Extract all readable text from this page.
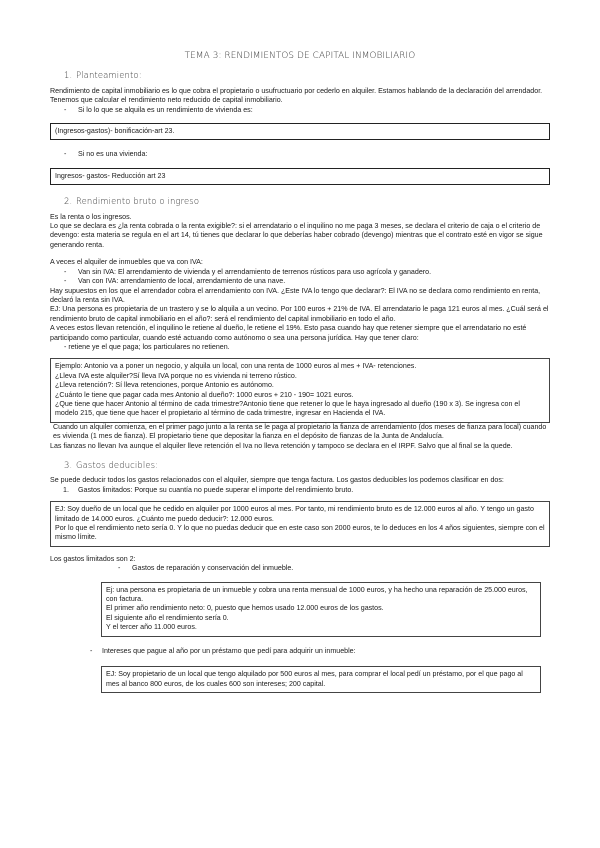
TEMA 3: RENDIMIENTOS DE CAPITAL INMOBILIARIO

1. Planteamiento:

Rendimiento de capital inmobiliario es lo que cobra el propietario o usufructuario por cederlo en alquiler. Estamos hablando de la declaración del arrendador. Tenemos que calcular el rendimiento neto reducido de capital inmobiliario.

- Si lo lo que se alquila es un rendimiento de vivienda es:

(Ingresos-gastos)- bonificación-art 23.

- Si no es una vivienda:

Ingresos- gastos- Reducción art 23

2. Rendimiento bruto o ingreso

Es la renta o los ingresos.

Lo que se declara es ¿la renta cobrada o la renta exigible?: si el arrendatario o el inquilino no me paga 3 meses, se declara el criterio de caja o el criterio de devengo: esta materia se regula en el art 14, tú tienes que declarar lo que deberías haber cobrado (devengo) mientras que el contrato esté en vigor se sigue generando renta.

A veces el alquiler de inmuebles que va con IVA:

- Van sin IVA: El arrendamiento de vivienda y el arrendamiento de terrenos rústicos para uso agrícola y ganadero.

- Van con IVA: arrendamiento de local, arrendamiento de una nave.

Hay supuestos en los que el arrendador cobra el arrendamiento con IVA. ¿Este IVA lo tengo que declarar?: El IVA no se declara como rendimiento en renta, declaró la renta sin IVA.

EJ: Una persona es propietaria de un trastero y se lo alquila a un vecino. Por 100 euros + 21% de IVA. El arrendatario le paga 121 euros al mes. ¿Cuál será el rendimiento bruto de capital inmobiliario en el año?: será el rendimiento del capital inmobiliario en todo el año.

A veces estos llevan retención, el inquilino le retiene al dueño, le retiene el 19%. Esto pasa cuando hay que retener siempre que el arrendatario no esté participando como particular, cuando esté actuando como autónomo o sea una persona jurídica. Hay que tener claro:

- retiene ye el que paga; los particulares no retienen.

Ejemplo: Antonio va a poner un negocio, y alquila un local, con una renta de 1000 euros al mes + IVA- retenciones.

¿Lleva IVA este alquiler?Sí lleva IVA porque no es vivienda ni terreno rústico.

¿Lleva retención?: Sí lleva retenciones, porque Antonio es autónomo.

¿Cuánto le tiene que pagar cada mes Antonio al dueño?: 1000 euros + 210 - 190= 1021 euros.

¿Que tiene que hacer Antonio al término de cada trimestre?Antonio tiene que retener lo que le haya ingresado al dueño (190 x 3). Se ingresa con el modelo 215, que tiene que hacer el propietario al término de cada trimestre, ingresar en Hacienda el IVA.

Cuando un alquiler comienza, en el primer pago junto a la renta se le paga al propietario la fianza de arrendamiento (dos meses de fianza para local) cuando es vivienda (1 mes de fianza). El propietario tiene que depositar la fianza en el depósito de fianzas de la Junta de Andalucía.

Las fianzas no llevan Iva aunque el alquiler lleve retención el Iva no lleva retención y tampoco se declara en el IRPF. Salvo que al final se la quede.

3. Gastos deducibles:

Se puede deducir todos los gastos relacionados con el alquiler, siempre que tenga factura. Los gastos deducibles los podemos clasificar en dos:

1. Gastos limitados: Porque su cuantía no puede superar el importe del rendimiento bruto.

EJ: Soy dueño de un local que he cedido en alquiler por 1000 euros al mes. Por tanto, mi rendimiento bruto es de 12.000 euros al año. Y tengo un gasto limitado de 14.000 euros. ¿Cuánto me puedo deducir?: 12.000 euros.

Por lo que el rendimiento neto sería 0. Y lo que no puedas deducir que en este caso son 2000 euros, te lo deduces en los 4 años siguientes, siempre con el mismo límite.

Los gastos limitados son 2:

- Gastos de reparación y conservación del inmueble.

Ej: una persona es propietaria de un inmueble y cobra una renta mensual de 1000 euros, y ha hecho una reparación de 25.000 euros, con factura.

El primer año rendimiento neto: 0, puesto que hemos usado 12.000 euros de los gastos.

El siguiente año el rendimiento sería 0.

Y el tercer año 11.000 euros.

- Intereses que pague al año por un préstamo que pedí para adquirir un inmueble:

EJ: Soy propietario de un local que tengo alquilado por 500 euros al mes, para comprar el local pedí un préstamo, por el que pago al mes al banco 800 euros, de los cuales 600 son intereses; 200 capital.
